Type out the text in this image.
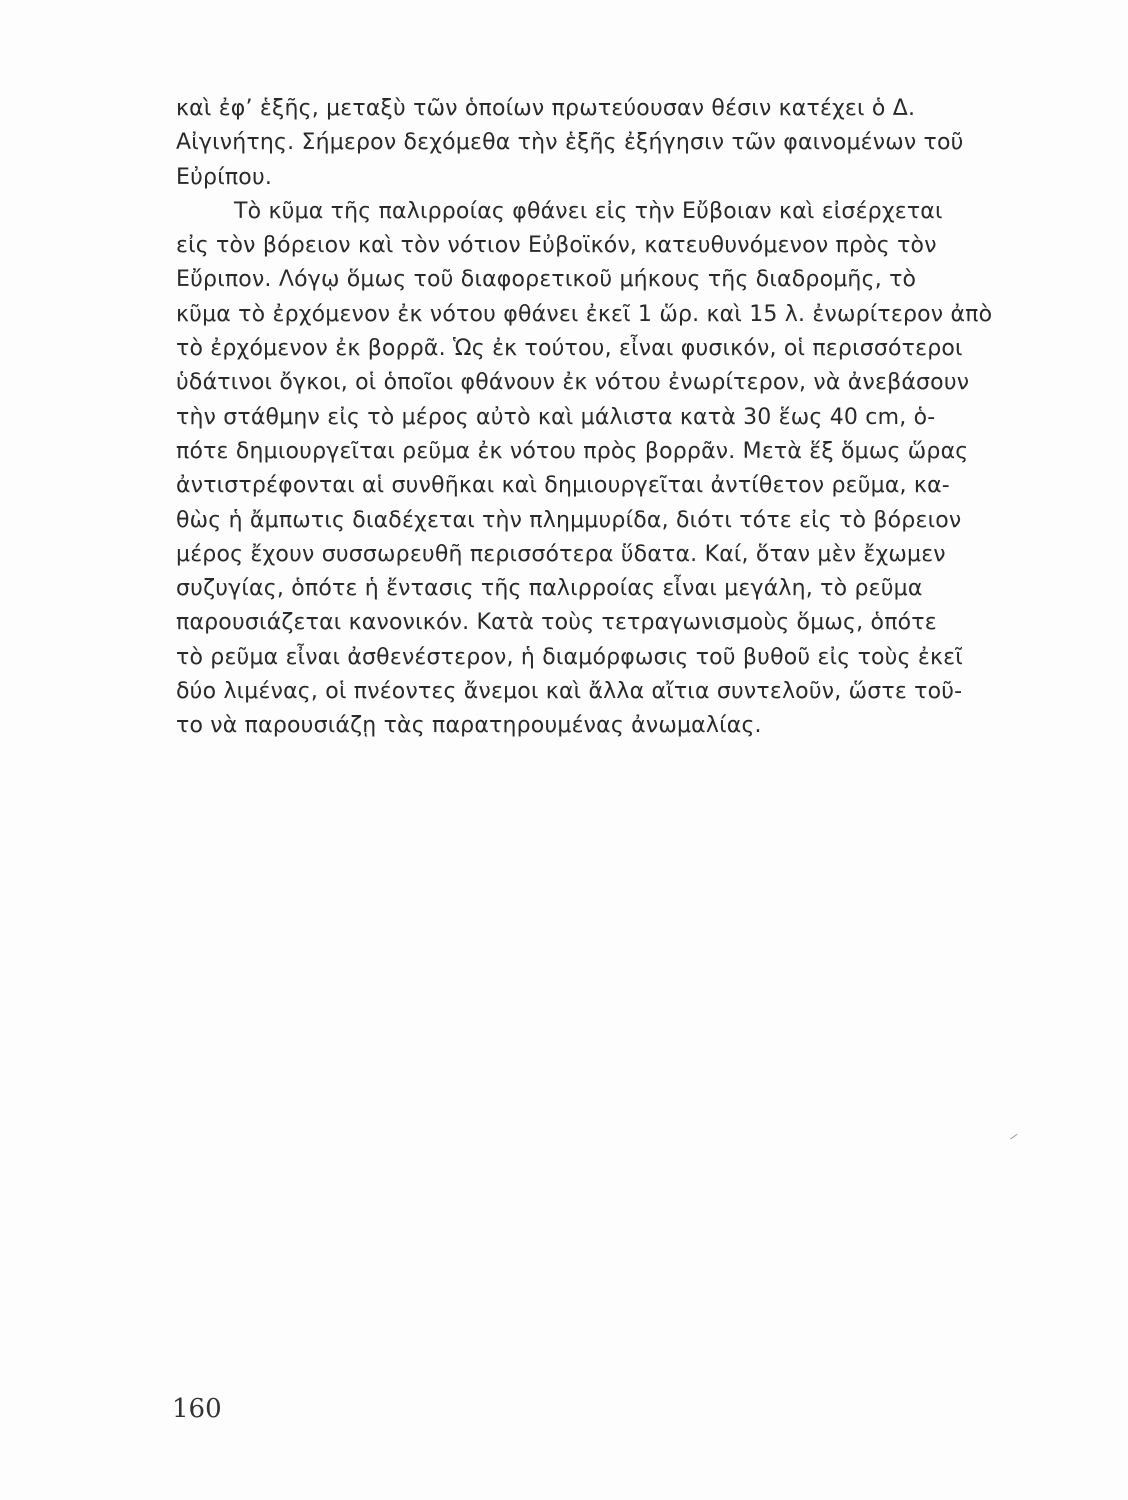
καὶ ἐφ’ ἑξῆς, μεταξὺ τῶν ὁποίων πρωτεύουσαν θέσιν κατέχει ὁ Δ.
Αἰγινήτης. Σήμερον δεχόμεθα τὴν ἑξῆς ἐξήγησιν τῶν φαινομένων τοῦ
Εὐρίπου.
Τὸ κῦμα τῆς παλιρροίας φθάνει εἰς τὴν Εὔβοιαν καὶ εἰσέρχεται
εἰς τὸν βόρειον καὶ τὸν νότιον Εὐβοϊκόν, κατευθυνόμενον πρὸς τὸν
Εὔριπον. Λόγῳ ὅμως τοῦ διαφορετικοῦ μήκους τῆς διαδρομῆς, τὸ
κῦμα τὸ ἐρχόμενον ἐκ νότου φθάνει ἐκεῖ 1 ὥρ. καὶ 15 λ. ἐνωρίτερον ἀπὸ
τὸ ἐρχόμενον ἐκ βορρᾶ. Ὡς ἐκ τούτου, εἶναι φυσικόν, οἱ περισσότεροι
ὑδάτινοι ὄγκοι, οἱ ὁποῖοι φθάνουν ἐκ νότου ἐνωρίτερον, νὰ ἀνεβάσουν
τὴν στάθμην εἰς τὸ μέρος αὐτὸ καὶ μάλιστα κατὰ 30 ἕως 40 cm, ὁ-
πότε δημιουργεῖται ρεῦμα ἐκ νότου πρὸς βορρᾶν. Μετὰ ἕξ ὅμως ὥρας
ἀντιστρέφονται αἱ συνθῆκαι καὶ δημιουργεῖται ἀντίθετον ρεῦμα, κα-
θὼς ἡ ἄμπωτις διαδέχεται τὴν πλημμυρίδα, διότι τότε εἰς τὸ βόρειον
μέρος ἔχουν συσσωρευθῆ περισσότερα ὕδατα. Καί, ὅταν μὲν ἔχωμεν
συζυγίας, ὁπότε ἡ ἔντασις τῆς παλιρροίας εἶναι μεγάλη, τὸ ρεῦμα
παρουσιάζεται κανονικόν. Κατὰ τοὺς τετραγωνισμοὺς ὅμως, ὁπότε
τὸ ρεῦμα εἶναι ἀσθενέστερον, ἡ διαμόρφωσις τοῦ βυθοῦ εἰς τοὺς ἐκεῖ
δύο λιμένας, οἱ πνέοντες ἄνεμοι καὶ ἄλλα αἴτια συντελοῦν, ὥστε τοῦ-
το νὰ παρουσιάζῃ τὰς παρατηρουμένας ἀνωμαλίας.
160
